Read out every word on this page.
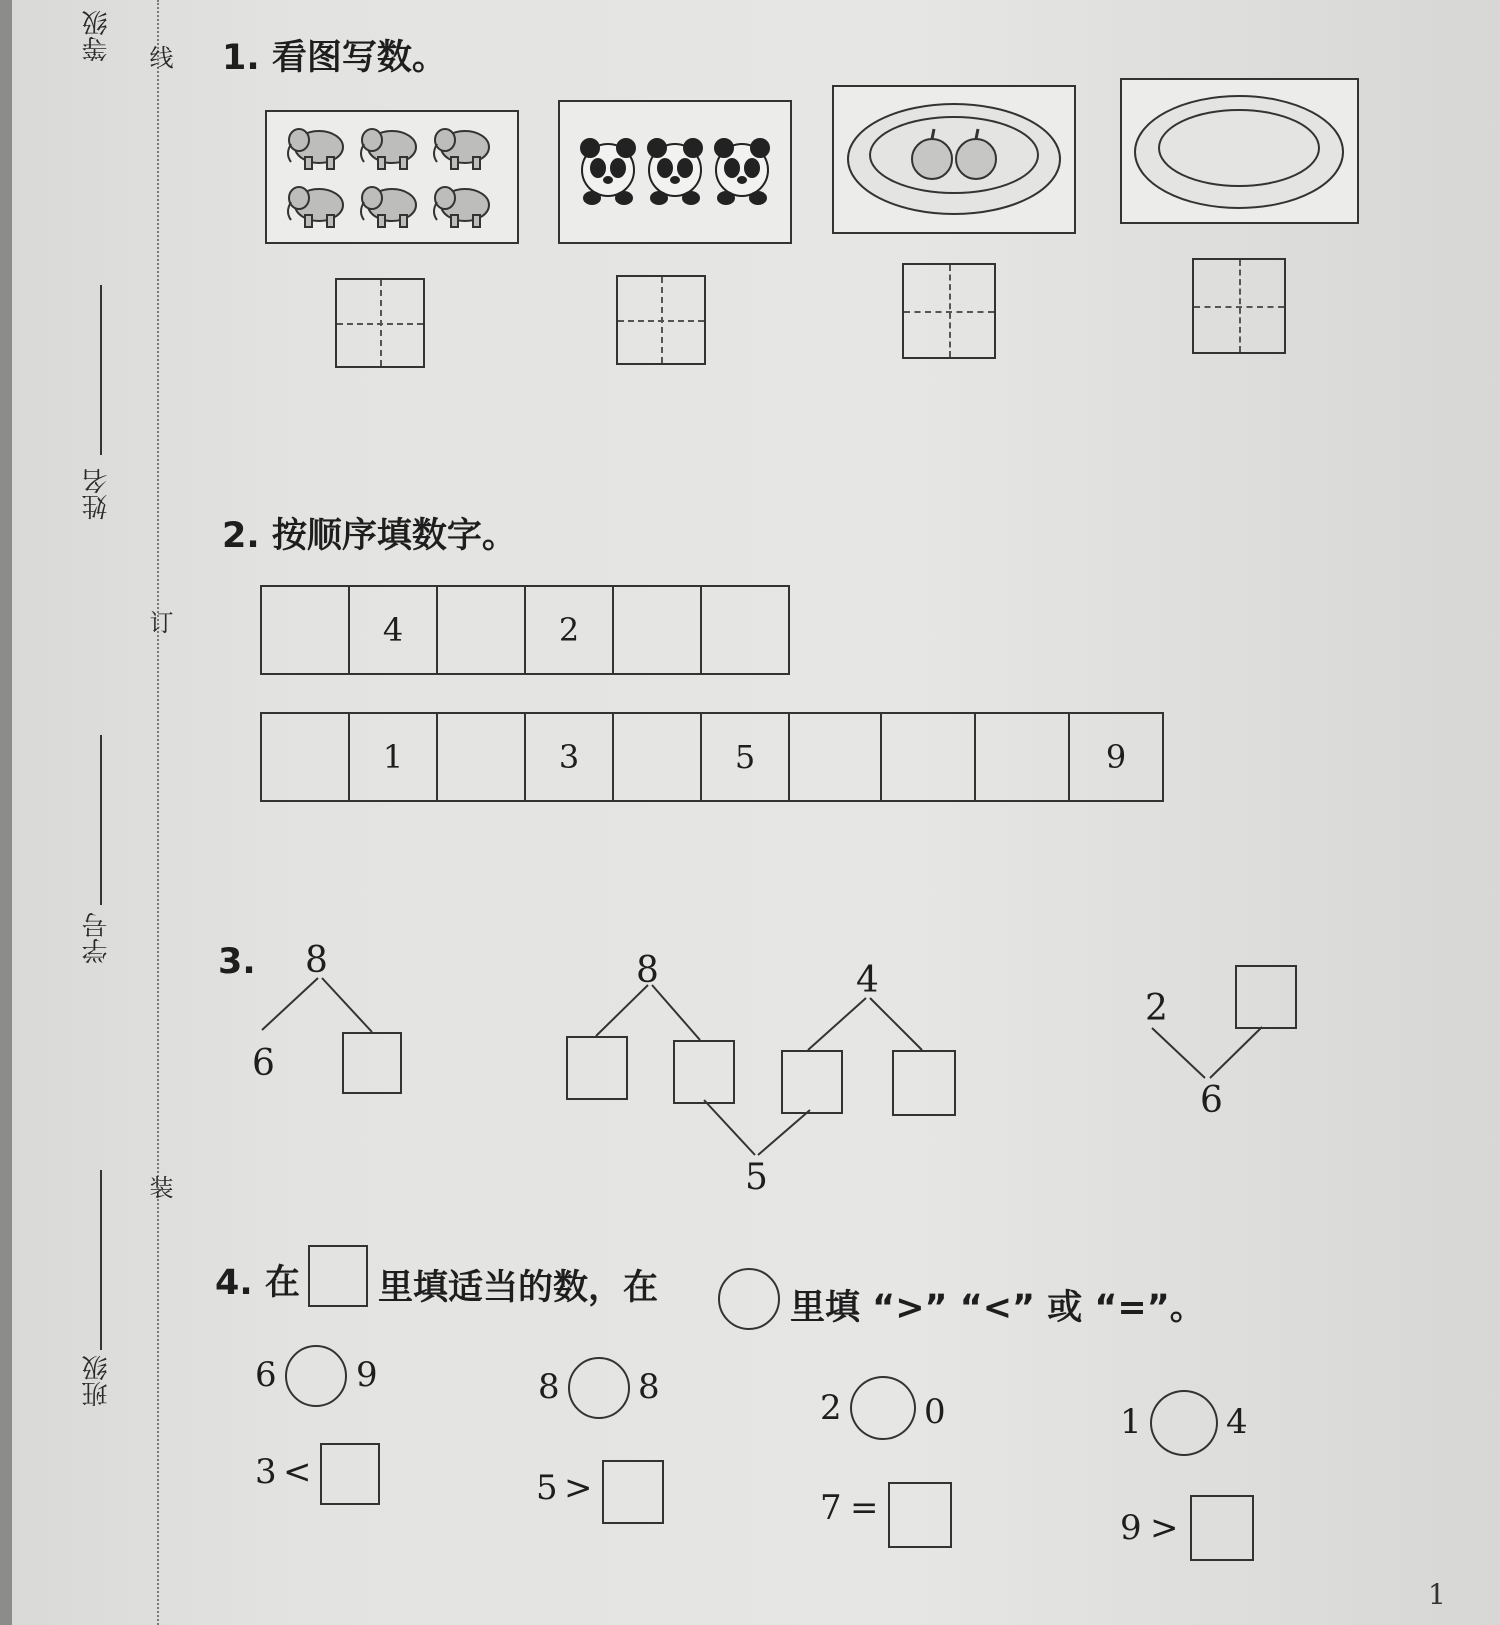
等级
姓名
学号
班级
线
订
装
1. 看图写数。
2. 按顺序填数字。
4	2
1	3	5	9
3. 8
6
8	4
5
2
6
4. 在 里填适当的数，在	里填 “>” “<” 或 “=”。
6 9	8 8
2 0	1 4
3 <	5 >	7 =	9 >
1
